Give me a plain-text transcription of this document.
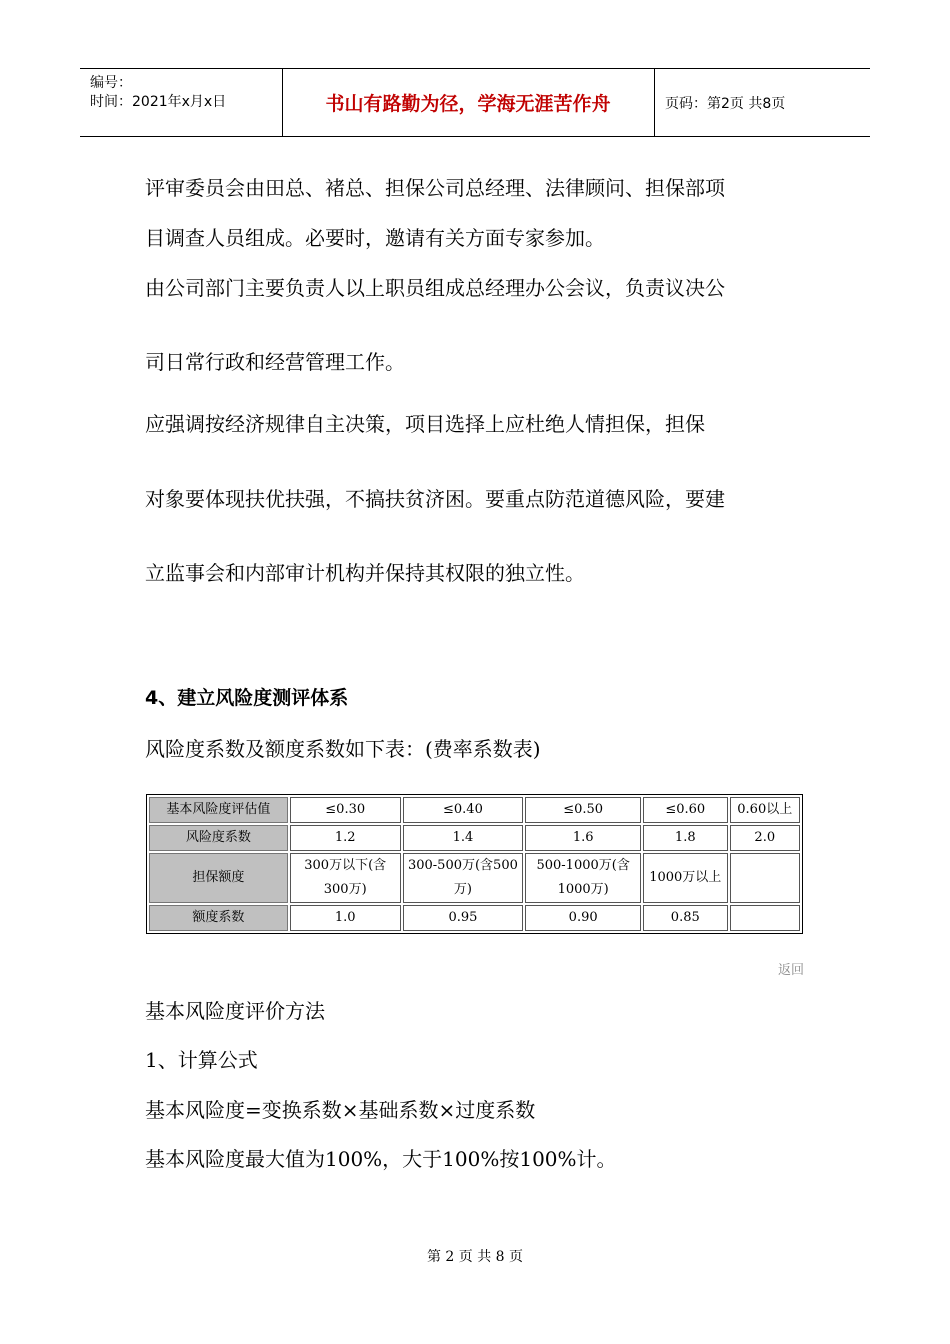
编号：
时间：2021年x月x日	书山有路勤为径，学海无涯苦作舟	页码：第2页 共8页
评审委员会由田总、褚总、担保公司总经理、法律顾问、担保部项
目调查人员组成。必要时，邀请有关方面专家参加。
由公司部门主要负责人以上职员组成总经理办公会议，负责议决公
司日常行政和经营管理工作。
应强调按经济规律自主决策，项目选择上应杜绝人情担保，担保
对象要体现扶优扶强，不搞扶贫济困。要重点防范道德风险，要建
立监事会和内部审计机构并保持其权限的独立性。
4、建立风险度测评体系
风险度系数及额度系数如下表：(费率系数表)
基本风险度评估值	≤0.30	≤0.40	≤0.50	≤0.60	0.60以上
风险度系数	1.2	1.4	1.6	1.8	2.0
担保额度	300万以下(含300万)	300-500万(含500万)	500-1000万(含1000万)	1000万以上	
额度系数	1.0	0.95	0.90	0.85	
返回
基本风险度评价方法
1、计算公式
基本风险度=变换系数×基础系数×过度系数
基本风险度最大值为100%，大于100%按100%计。
第 2 页 共 8 页
